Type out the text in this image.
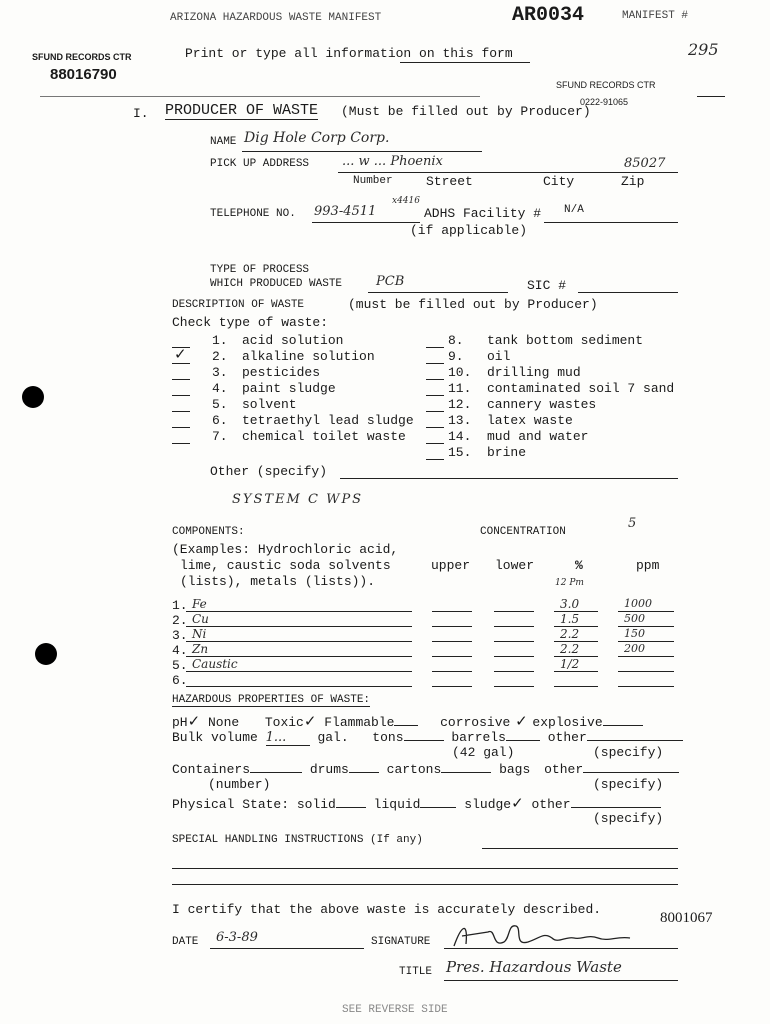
ARIZONA HAZARDOUS WASTE MANIFEST	AR0034	MANIFEST #
295
SFUND RECORDS CTR
88016790
Print or type all information on this form
SFUND RECORDS CTR
0222-91065
I. PRODUCER OF WASTE (Must be filled out by Producer)
NAME Dig Hole Corp Corp.
PICK UP ADDRESS	... w ... Phoenix	85027
Number	Street	City	Zip
x4416
TELEPHONE NO. 993-4511	ADHS Facility # N/A
(if applicable)
TYPE OF PROCESS
WHICH PRODUCED WASTE	PCB	SIC #
DESCRIPTION OF WASTE	(must be filled out by Producer)
Check type of waste:
1. acid solution
✓ 2. alkaline solution
3. pesticides
4. paint sludge
5. solvent
6. tetraethyl lead sludge
7. chemical toilet waste
8. tank bottom sediment
9. oil
10. drilling mud
11. contaminated soil 7 sand
12. cannery wastes
13. latex waste
14. mud and water
15. brine
Other (specify)
SYSTEM C WPS
COMPONENTS:	CONCENTRATION
5
(Examples: Hydrochloric acid,
lime, caustic soda solvents
(lists), metals (lists)).
upper lower	%	ppm
12 Pm
1. Fe	3.0	1000
2. Cu	1.5	500
3. Ni	2.2	150
4. Zn	2.2	200
5. Caustic	1/2
6.
HAZARDOUS PROPERTIES OF WASTE:
pH✓ None Toxic✓ Flammable	corrosive ✓ explosive
Bulk volume 1... gal. tons	barrels	other
(42 gal)	(specify)
Containers	drums	cartons	bags other
(number)	(specify)
Physical State: solid	liquid	sludge✓ other
(specify)
SPECIAL HANDLING INSTRUCTIONS (If any)
I certify that the above waste is accurately described.
8001067
DATE 6-3-89	SIGNATURE
TITLE Pres. Hazardous Waste
SEE REVERSE SIDE
